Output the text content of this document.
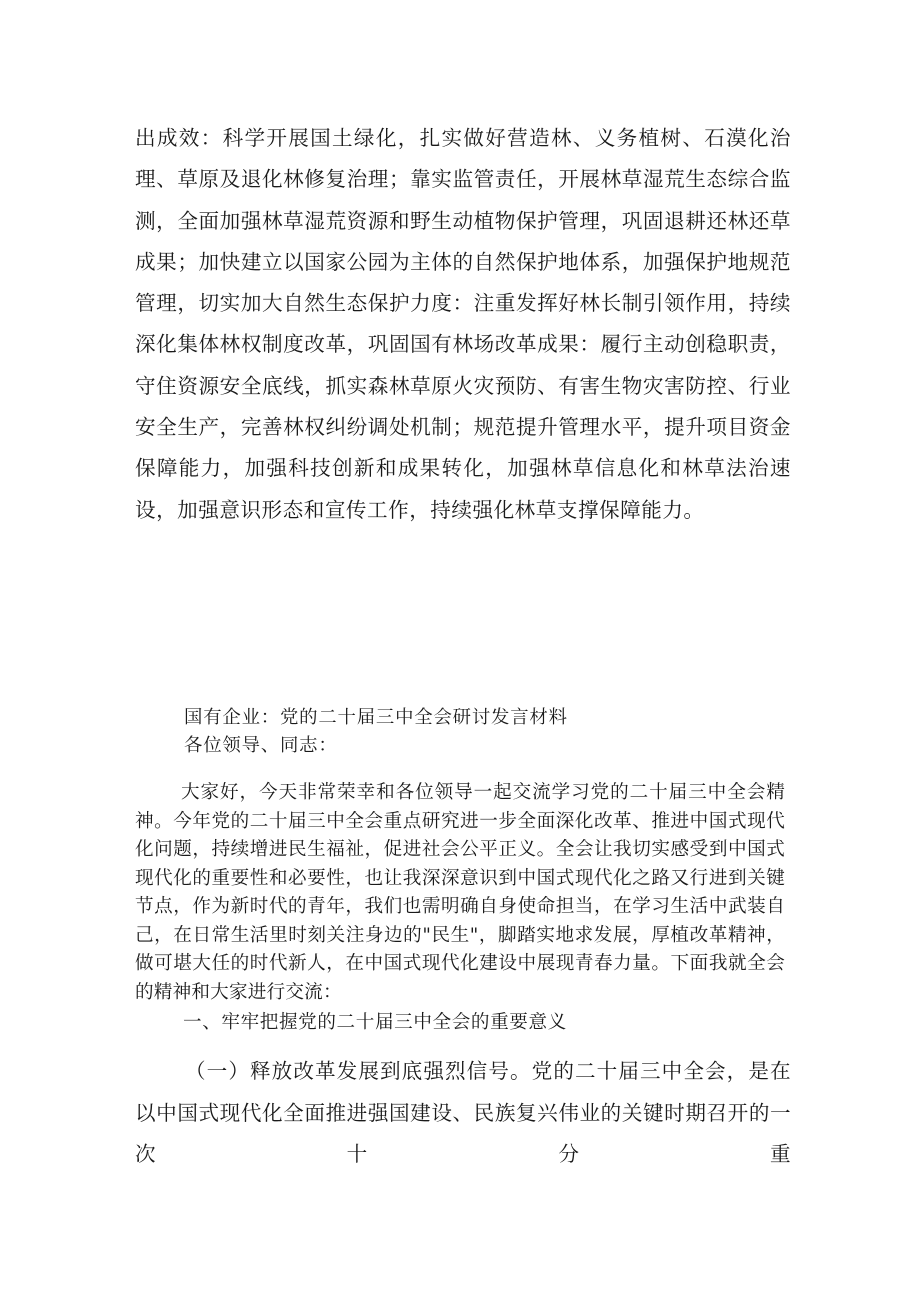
出成效：科学开展国土绿化，扎实做好营造林、义务植树、石漠化治理、草原及退化林修复治理；靠实监管责任，开展林草湿荒生态综合监测，全面加强林草湿荒资源和野生动植物保护管理，巩固退耕还林还草成果；加快建立以国家公园为主体的自然保护地体系，加强保护地规范管理，切实加大自然生态保护力度：注重发挥好林长制引领作用，持续深化集体林权制度改革，巩固国有林场改革成果：履行主动创稳职责，守住资源安全底线，抓实森林草原火灾预防、有害生物灾害防控、行业安全生产，完善林权纠纷调处机制；规范提升管理水平，提升项目资金保障能力，加强科技创新和成果转化，加强林草信息化和林草法治速设，加强意识形态和宣传工作，持续强化林草支撑保障能力。

国有企业：党的二十届三中全会研讨发言材料
各位领导、同志：

大家好，今天非常荣幸和各位领导一起交流学习党的二十届三中全会精神。今年党的二十届三中全会重点研究进一步全面深化改革、推进中国式现代化问题，持续增进民生福祉，促进社会公平正义。全会让我切实感受到中国式现代化的重要性和必要性，也让我深深意识到中国式现代化之路又行进到关键节点，作为新时代的青年，我们也需明确自身使命担当，在学习生活中武装自己，在日常生活里时刻关注身边的"民生"，脚踏实地求发展，厚植改革精神，做可堪大任的时代新人，在中国式现代化建设中展现青春力量。下面我就全会的精神和大家进行交流：

一、牢牢把握党的二十届三中全会的重要意义

（一）释放改革发展到底强烈信号。党的二十届三中全会，是在以中国式现代化全面推进强国建设、民族复兴伟业的关键时期召开的一次十分重
